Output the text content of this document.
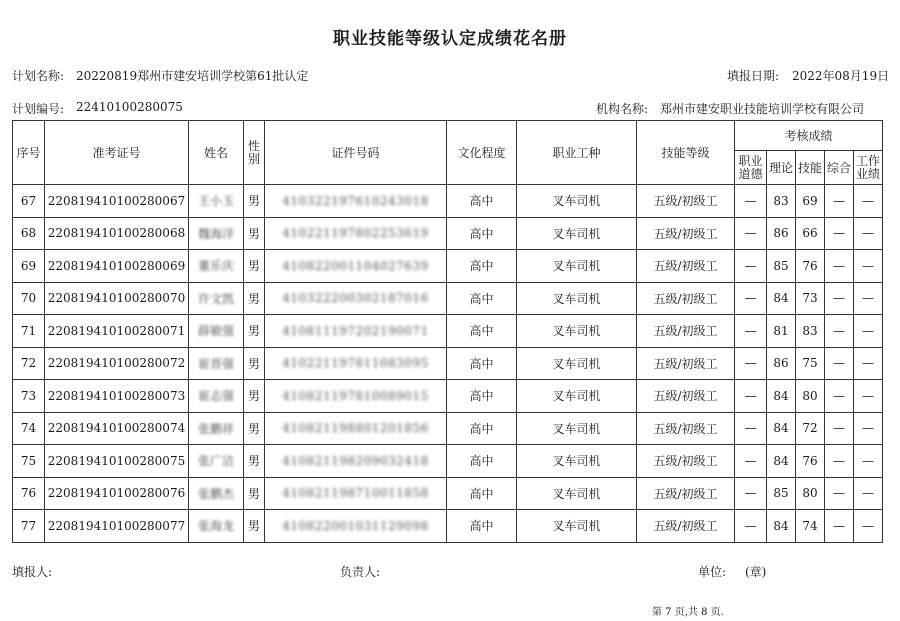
职业技能等级认定成绩花名册
计划名称: 20220819郑州市建安培训学校第61批认定	填报日期: 2022年08月19日
计划编号: 22410100280075	机构名称: 郑州市建安职业技能培训学校有限公司
序号	准考证号	姓名	性别	证件号码	文化程度	职业工种	技能等级	考核成绩				
								职业道德	理论	技能	综合	工作业绩
67	220819410100280067	王小玉	男	410322197610243018	高中	叉车司机	五级/初级工	—	83	69	—	—
68	220819410100280068	魏海洋	男	410221197802253619	高中	叉车司机	五级/初级工	—	86	66	—	—
69	220819410100280069	董乐庆	男	410822001104027639	高中	叉车司机	五级/初级工	—	85	76	—	—
70	220819410100280070	许文凯	男	410322200302187016	高中	叉车司机	五级/初级工	—	84	73	—	—
71	220819410100280071	薛敏强	男	410811197202190071	高中	叉车司机	五级/初级工	—	81	83	—	—
72	220819410100280072	崔晋强	男	410221197811083095	高中	叉车司机	五级/初级工	—	86	75	—	—
73	220819410100280073	崔志强	男	410821197810089015	高中	叉车司机	五级/初级工	—	84	80	—	—
74	220819410100280074	张鹏祥	男	410821198801201856	高中	叉车司机	五级/初级工	—	84	72	—	—
75	220819410100280075	张广洁	男	410821198209032418	高中	叉车司机	五级/初级工	—	84	76	—	—
76	220819410100280076	张鹏杰	男	410821198710011858	高中	叉车司机	五级/初级工	—	85	80	—	—
77	220819410100280077	张海龙	男	410822001031129098	高中	叉车司机	五级/初级工	—	84	74	—	—
填报人:	负责人:	单位: (章)
第 7 页,共 8 页.
